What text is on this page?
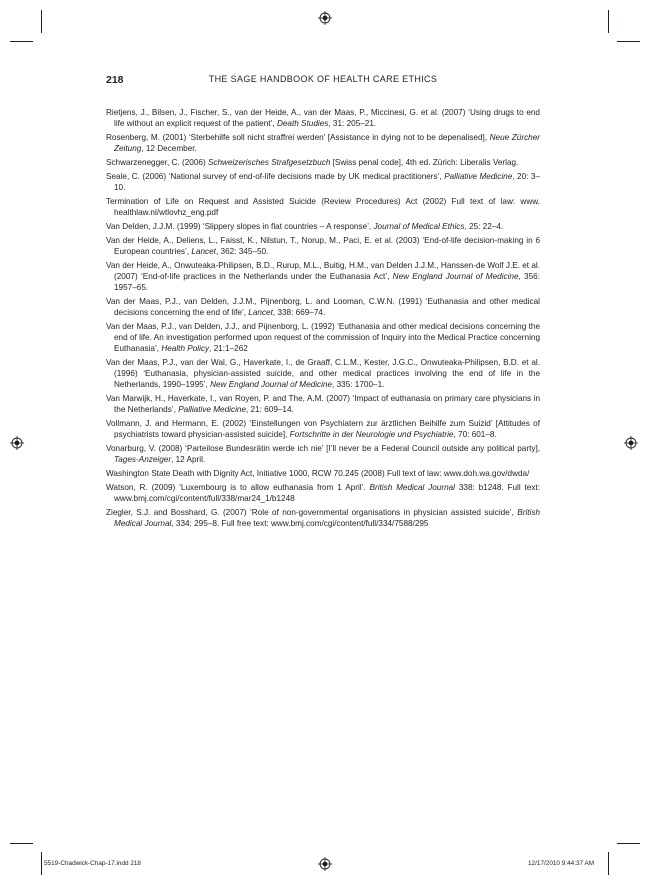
218	THE SAGE HANDBOOK OF HEALTH CARE ETHICS
Rietjens, J., Bilsen, J., Fischer, S., van der Heide, A., van der Maas, P., Miccinesi, G. et al. (2007) ‘Using drugs to end life without an explicit request of the patient’, Death Studies, 31: 205–21.
Rosenberg, M. (2001) ‘Sterbehilfe soll nicht straffrei werden’ [Assistance in dying not to be depenalised], Neue Zürcher Zeitung, 12 December.
Schwarzenegger, C. (2006) Schweizerisches Strafgesetzbuch [Swiss penal code], 4th ed. Zürich: Liberalis Verlag.
Seale, C. (2006) ‘National survey of end-of-life decisions made by UK medical practitioners’, Palliative Medicine, 20: 3–10.
Termination of Life on Request and Assisted Suicide (Review Procedures) Act (2002) Full text of law: www. healthlaw.nl/wtlovhz_eng.pdf
Van Delden, J.J.M. (1999) ‘Slippery slopes in flat countries – A response’, Journal of Medical Ethics, 25: 22–4.
Van der Heide, A., Deliens, L., Faisst, K., Nilstun, T., Norup, M., Paci, E. et al. (2003) ‘End-of-life decision-making in 6 European countries’, Lancet, 362: 345–50.
Van der Heide, A., Onwuteaka-Philipsen, B.D., Rurup, M.L., Buitig, H.M., van Delden J.J.M., Hanssen-de Wolf J.E. et al. (2007) ‘End-of-life practices in the Netherlands under the Euthanasia Act’, New England Journal of Medicine, 356: 1957–65.
Van der Maas, P.J., van Delden, J.J.M., Pijnenborg, L. and Looman, C.W.N. (1991) ‘Euthanasia and other medical decisions concerning the end of life’, Lancet, 338: 669–74.
Van der Maas, P.J., van Delden, J.J., and Pijnenborg, L. (1992) ‘Euthanasia and other medical decisions concerning the end of life. An investigation performed upon request of the commission of Inquiry into the Medical Practice concerning Euthanasia’, Health Policy, 21:1–262
Van der Maas, P.J., van der Wal, G., Haverkate, I., de Graaff, C.L.M., Kester, J.G.C., Onwuteaka-Philipsen, B.D. et al. (1996) ‘Euthanasia, physician-assisted suicide, and other medical practices involving the end of life in the Netherlands, 1990–1995’, New England Journal of Medicine, 335: 1700–1.
Van Marwijk, H., Haverkate, I., van Royen, P. and The, A.M. (2007) ‘Impact of euthanasia on primary care physicians in the Netherlands’, Palliative Medicine, 21: 609–14.
Vollmann, J. and Hermann, E. (2002) ‘Einstellungen von Psychiatern zur ärztlichen Beihilfe zum Suizid’ [Attitudes of psychiatrists toward physician-assisted suicide], Fortschritte in der Neurologie und Psychiatrie, 70: 601–8.
Vonarburg, V. (2008) ‘Parteilose Bundesrätin werde ich nie’ [I’ll never be a Federal Council outside any political party], Tages-Anzeiger, 12 April.
Washington State Death with Dignity Act, Initiative 1000, RCW 70.245 (2008) Full text of law: www.doh.wa.gov/dwda/
Watson, R. (2009) ‘Luxembourg is to allow euthanasia from 1 April’. British Medical Journal 338: b1248. Full text: www.bmj.com/cgi/content/full/338/mar24_1/b1248
Ziegler, S.J. and Bosshard, G. (2007) ‘Role of non-governmental organisations in physician assisted suicide’, British Medical Journal, 334: 295–8. Full free text: www.bmj.com/cgi/content/full/334/7588/295
5519-Chadwick-Chap-17.indd 218	12/17/2010 9:44:37 AM
